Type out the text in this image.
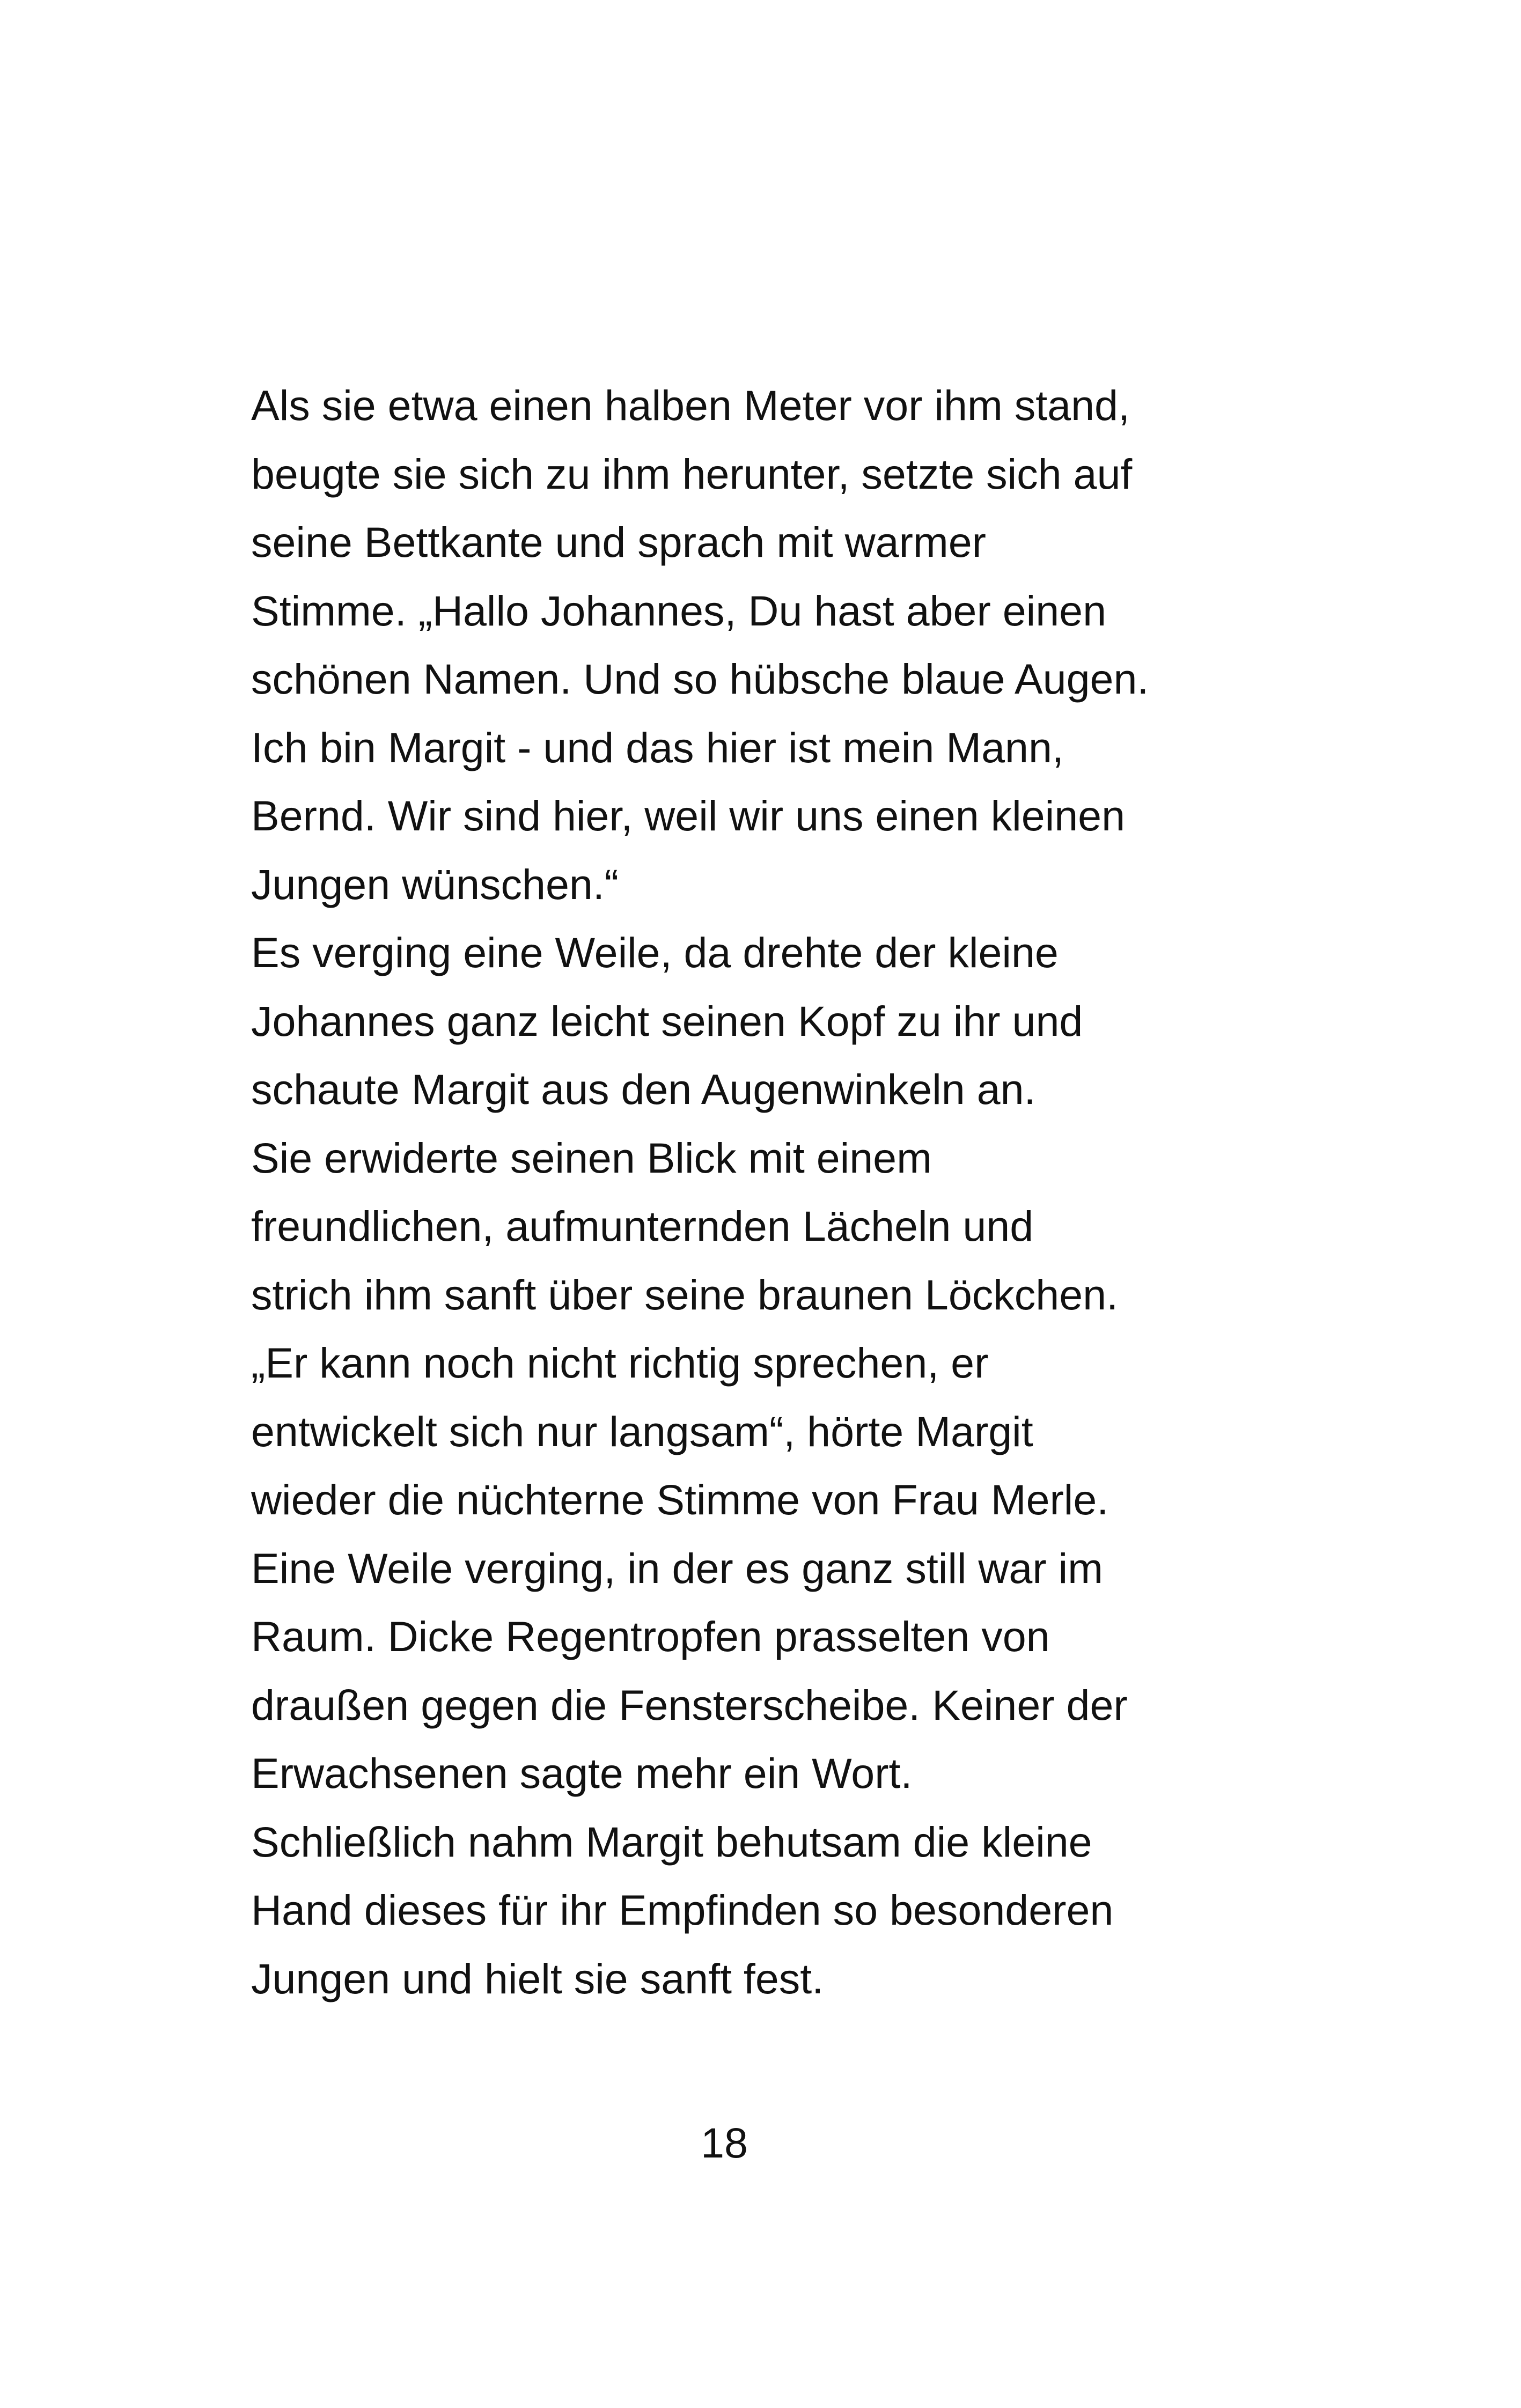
Als sie etwa einen halben Meter vor ihm stand,
beugte sie sich zu ihm herunter, setzte sich auf
seine Bettkante und sprach mit warmer
Stimme. „Hallo Johannes, Du hast aber einen
schönen Namen. Und so hübsche blaue Augen.
Ich bin Margit - und das hier ist mein Mann,
Bernd. Wir sind hier, weil wir uns einen kleinen
Jungen wünschen.“
Es verging eine Weile, da drehte der kleine
Johannes ganz leicht seinen Kopf zu ihr und
schaute Margit aus den Augenwinkeln an.
Sie erwiderte seinen Blick mit einem
freundlichen, aufmunternden Lächeln und
strich ihm sanft über seine braunen Löckchen.
„Er kann noch nicht richtig sprechen, er
entwickelt sich nur langsam“, hörte Margit
wieder die nüchterne Stimme von Frau Merle.
Eine Weile verging, in der es ganz still war im
Raum. Dicke Regentropfen prasselten von
draußen gegen die Fensterscheibe. Keiner der
Erwachsenen sagte mehr ein Wort.
Schließlich nahm Margit behutsam die kleine
Hand dieses für ihr Empfinden so besonderen
Jungen und hielt sie sanft fest.
18
